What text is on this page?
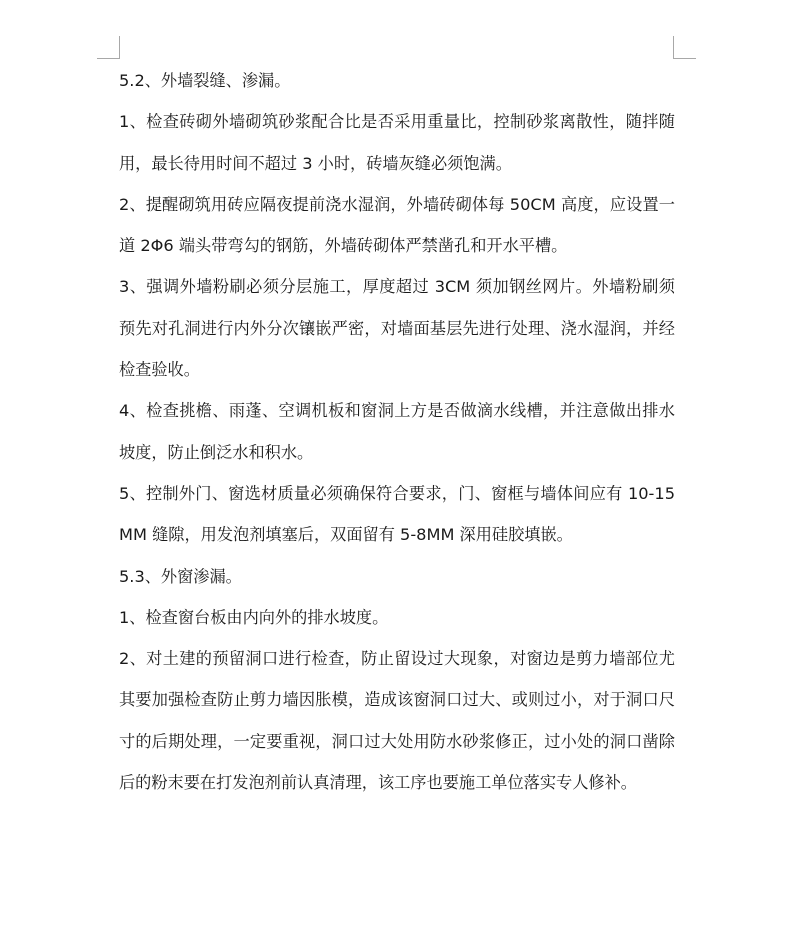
5.2、外墙裂缝、渗漏。

1、检查砖砌外墙砌筑砂浆配合比是否采用重量比，控制砂浆离散性，随拌随用，最长待用时间不超过 3 小时，砖墙灰缝必须饱满。

2、提醒砌筑用砖应隔夜提前浇水湿润，外墙砖砌体每 50CM 高度，应设置一道 2Φ6 端头带弯勾的钢筋，外墙砖砌体严禁凿孔和开水平槽。

3、强调外墙粉刷必须分层施工，厚度超过 3CM 须加钢丝网片。外墙粉刷须预先对孔洞进行内外分次镶嵌严密，对墙面基层先进行处理、浇水湿润，并经检查验收。

4、检查挑檐、雨蓬、空调机板和窗洞上方是否做滴水线槽，并注意做出排水坡度，防止倒泛水和积水。

5、控制外门、窗选材质量必须确保符合要求，门、窗框与墙体间应有 10-15MM 缝隙，用发泡剂填塞后，双面留有 5-8MM 深用硅胶填嵌。

5.3、外窗渗漏。

1、检查窗台板由内向外的排水坡度。

2、对土建的预留洞口进行检查，防止留设过大现象，对窗边是剪力墙部位尤其要加强检查防止剪力墙因胀模，造成该窗洞口过大、或则过小，对于洞口尺寸的后期处理，一定要重视，洞口过大处用防水砂浆修正，过小处的洞口凿除后的粉末要在打发泡剂前认真清理，该工序也要施工单位落实专人修补。
